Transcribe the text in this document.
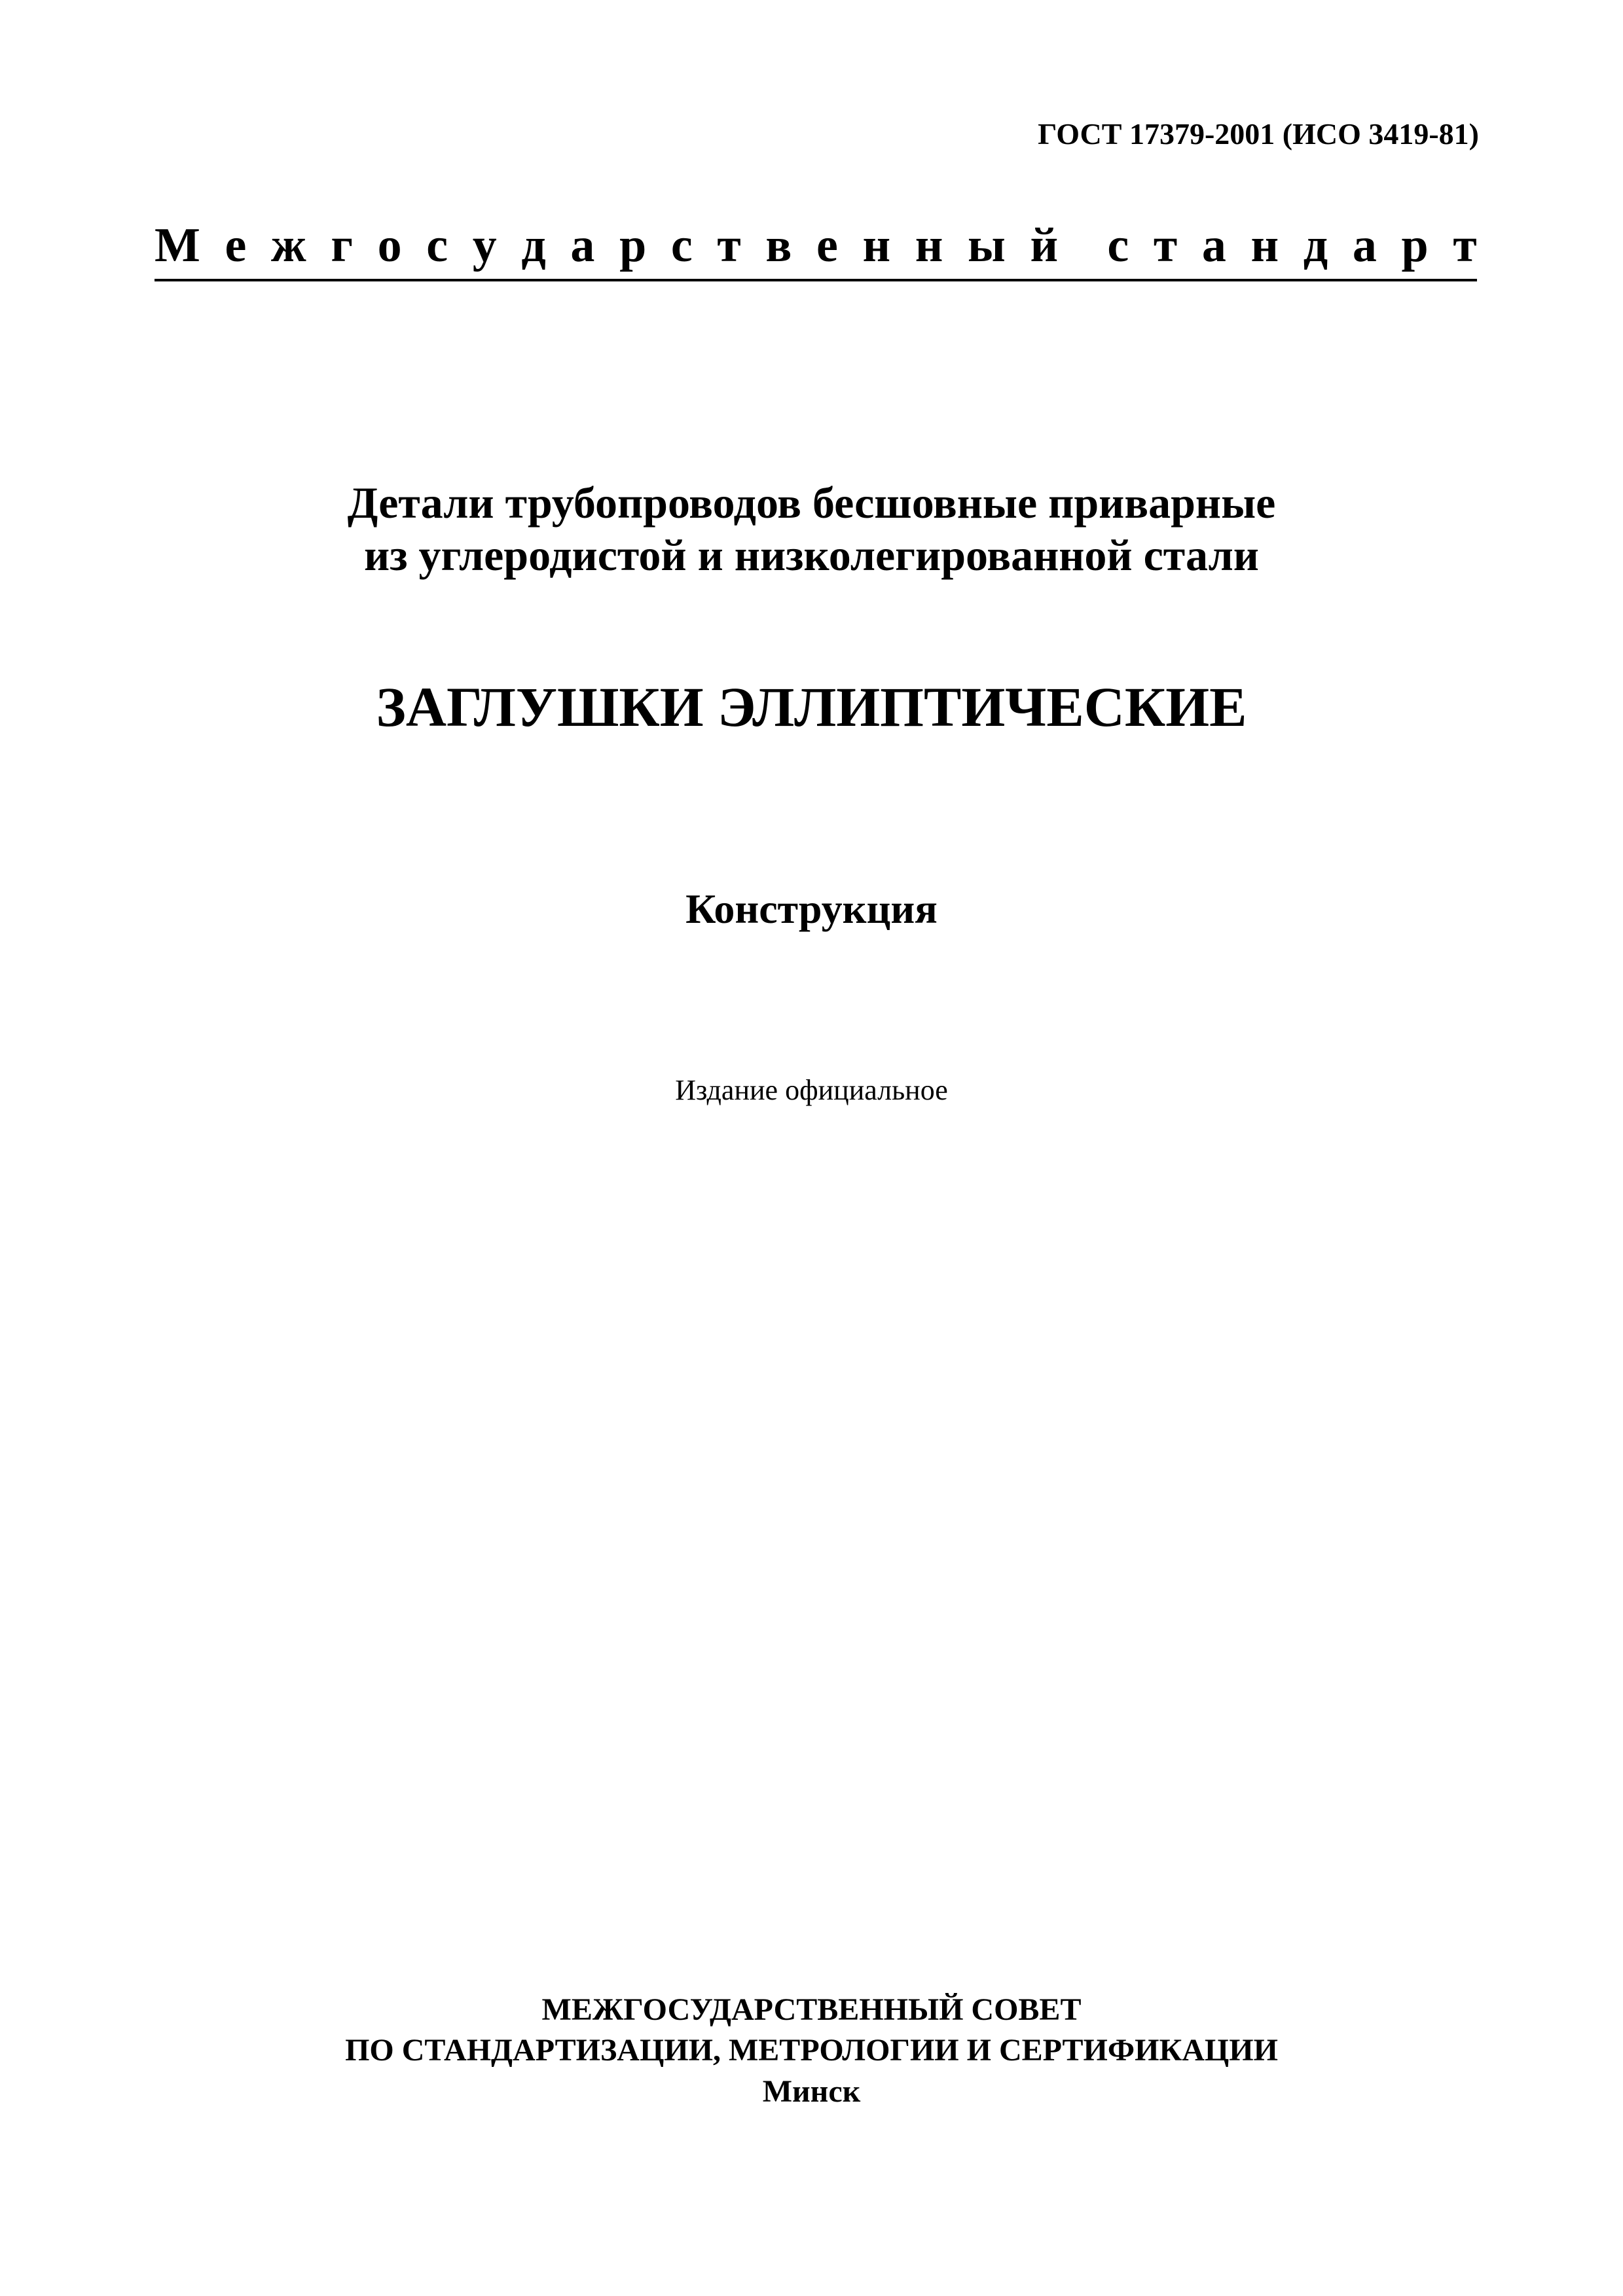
ГОСТ 17379-2001 (ИСО 3419-81)
М е ж г о с у д а р с т в е н н ы й с т а н д а р т
Детали трубопроводов бесшовные приварные
из углеродистой и низколегированной стали
ЗАГЛУШКИ ЭЛЛИПТИЧЕСКИЕ
Конструкция
Издание официальное
МЕЖГОСУДАРСТВЕННЫЙ СОВЕТ
ПО СТАНДАРТИЗАЦИИ, МЕТРОЛОГИИ И СЕРТИФИКАЦИИ
Минск
